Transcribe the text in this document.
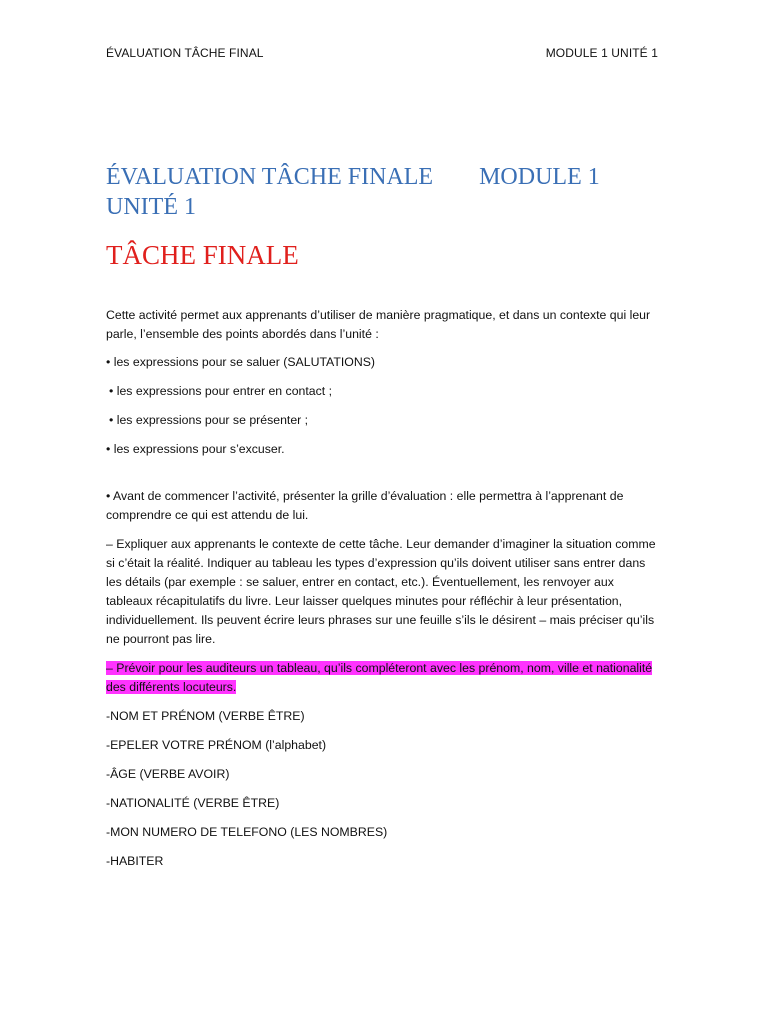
ÉVALUATION TÂCHE FINAL	MODULE 1 UNITÉ 1
ÉVALUATION TÂCHE FINALE MODULE 1
UNITÉ 1
TÂCHE FINALE

Cette activité permet aux apprenants d’utiliser de manière pragmatique, et dans un contexte qui leur parle, l’ensemble des points abordés dans l’unité :

• les expressions pour se saluer (SALUTATIONS)

• les expressions pour entrer en contact ;

• les expressions pour se présenter ;

• les expressions pour s’excuser.

• Avant de commencer l’activité, présenter la grille d’évaluation : elle permettra à l’apprenant de comprendre ce qui est attendu de lui.

– Expliquer aux apprenants le contexte de cette tâche. Leur demander d’imaginer la situation comme si c’était la réalité. Indiquer au tableau les types d’expression qu’ils doivent utiliser sans entrer dans les détails (par exemple : se saluer, entrer en contact, etc.). Éventuellement, les renvoyer aux tableaux récapitulatifs du livre. Leur laisser quelques minutes pour réfléchir à leur présentation, individuellement. Ils peuvent écrire leurs phrases sur une feuille s’ils le désirent – mais préciser qu’ils ne pourront pas lire.

– Prévoir pour les auditeurs un tableau, qu’ils compléteront avec les prénom, nom, ville et nationalité des différents locuteurs.

-NOM ET PRÉNOM (VERBE ÊTRE)

-EPELER VOTRE PRÉNOM (l’alphabet)

-ÂGE (VERBE AVOIR)

-NATIONALITÉ (VERBE ÊTRE)

-MON NUMERO DE TELEFONO (LES NOMBRES)

-HABITER
